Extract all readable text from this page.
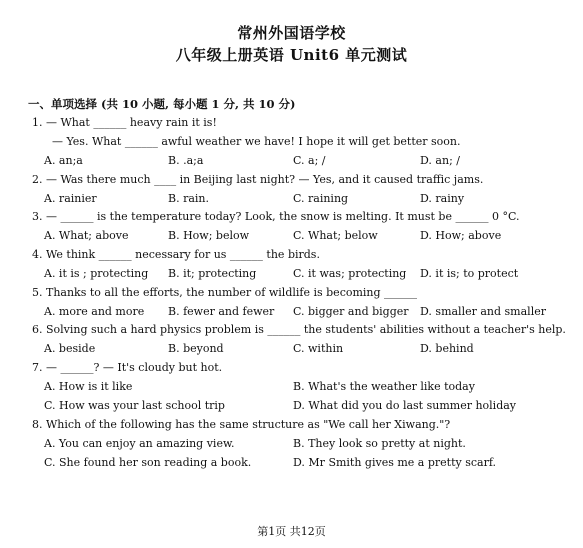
常州外国语学校
八年级上册英语 Unit6 单元测试
一、单项选择 (共 10 小题, 每小题 1 分, 共 10 分)
1. — What ______ heavy rain it is!
— Yes. What ______ awful weather we have! I hope it will get better soon.
A. an;a	B. .a;a	C. a; /	D. an; /
2. — Was there much ____ in Beijing last night? — Yes, and it caused traffic jams.
A. rainier	B. rain.	C. raining	D. rainy
3. — ______ is the temperature today? Look, the snow is melting. It must be ______ 0 °C.
A. What; above	B. How; below	C. What; below	D. How; above
4. We think ______ necessary for us ______ the birds.
A. it is ; protecting B. it; protecting	C. it was; protecting D. it is; to protect
5. Thanks to all the efforts, the number of wildlife is becoming ______
A. more and more B. fewer and fewer C. bigger and bigger D. smaller and smaller
6. Solving such a hard physics problem is ______ the students' abilities without a teacher's help.
A. beside	B. beyond	C. within	D. behind
7. — ______? — It's cloudy but hot.
A. How is it like	B. What's the weather like today
C. How was your last school trip	D. What did you do last summer holiday
8. Which of the following has the same structure as "We call her Xiwang."?
A. You can enjoy an amazing view.	B. They look so pretty at night.
C. She found her son reading a book.	D. Mr Smith gives me a pretty scarf.
第1页 共12页
